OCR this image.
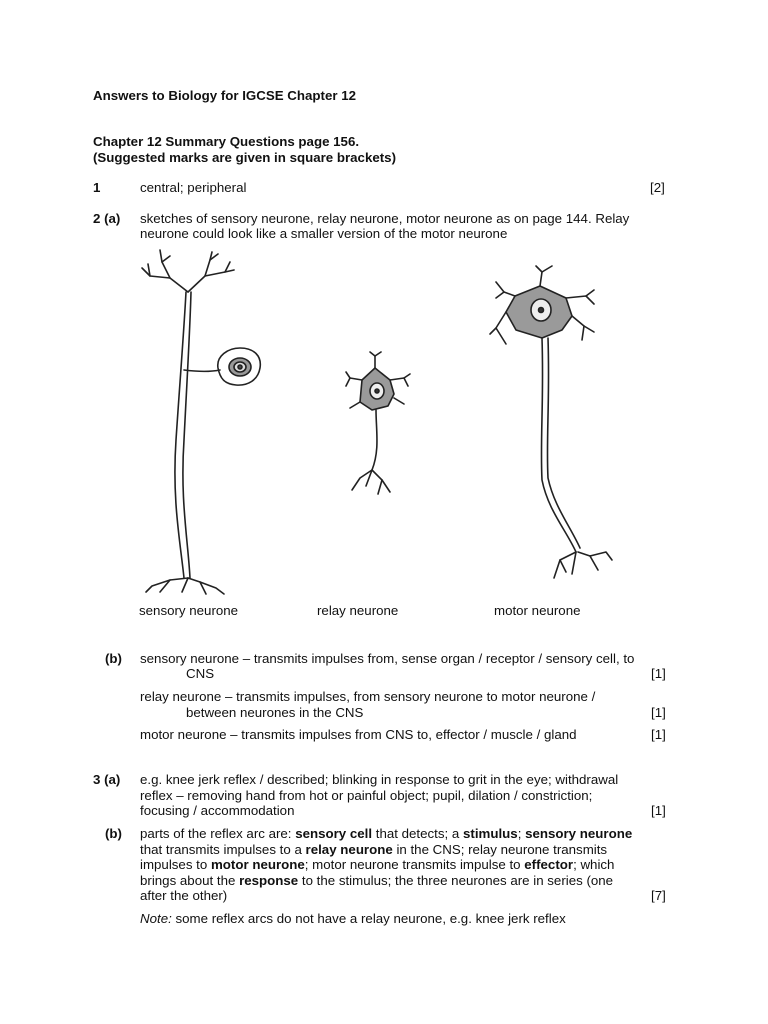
Answers to Biology for IGCSE Chapter 12
Chapter 12 Summary Questions page 156.
(Suggested marks are given in square brackets)
1	central; peripheral	[2]
2 (a) sketches of sensory neurone, relay neurone, motor neurone as on page 144. Relay
neurone could look like a smaller version of the motor neurone
sensory neurone	relay neurone	motor neurone
(b) sensory neurone – transmits impulses from, sense organ / receptor / sensory cell, to
CNS	[1]
relay neurone – transmits impulses, from sensory neurone to motor neurone /
between neurones in the CNS	[1]
motor neurone – transmits impulses from CNS to, effector / muscle / gland	[1]
3 (a) e.g. knee jerk reflex / described; blinking in response to grit in the eye; withdrawal
reflex – removing hand from hot or painful object; pupil, dilation / constriction;
focusing / accommodation	[1]
(b) parts of the reflex arc are: sensory cell that detects; a stimulus; sensory neurone
that transmits impulses to a relay neurone in the CNS; relay neurone transmits
impulses to motor neurone; motor neurone transmits impulse to effector; which
brings about the response to the stimulus; the three neurones are in series (one
after the other)	[7]
Note: some reflex arcs do not have a relay neurone, e.g. knee jerk reflex
